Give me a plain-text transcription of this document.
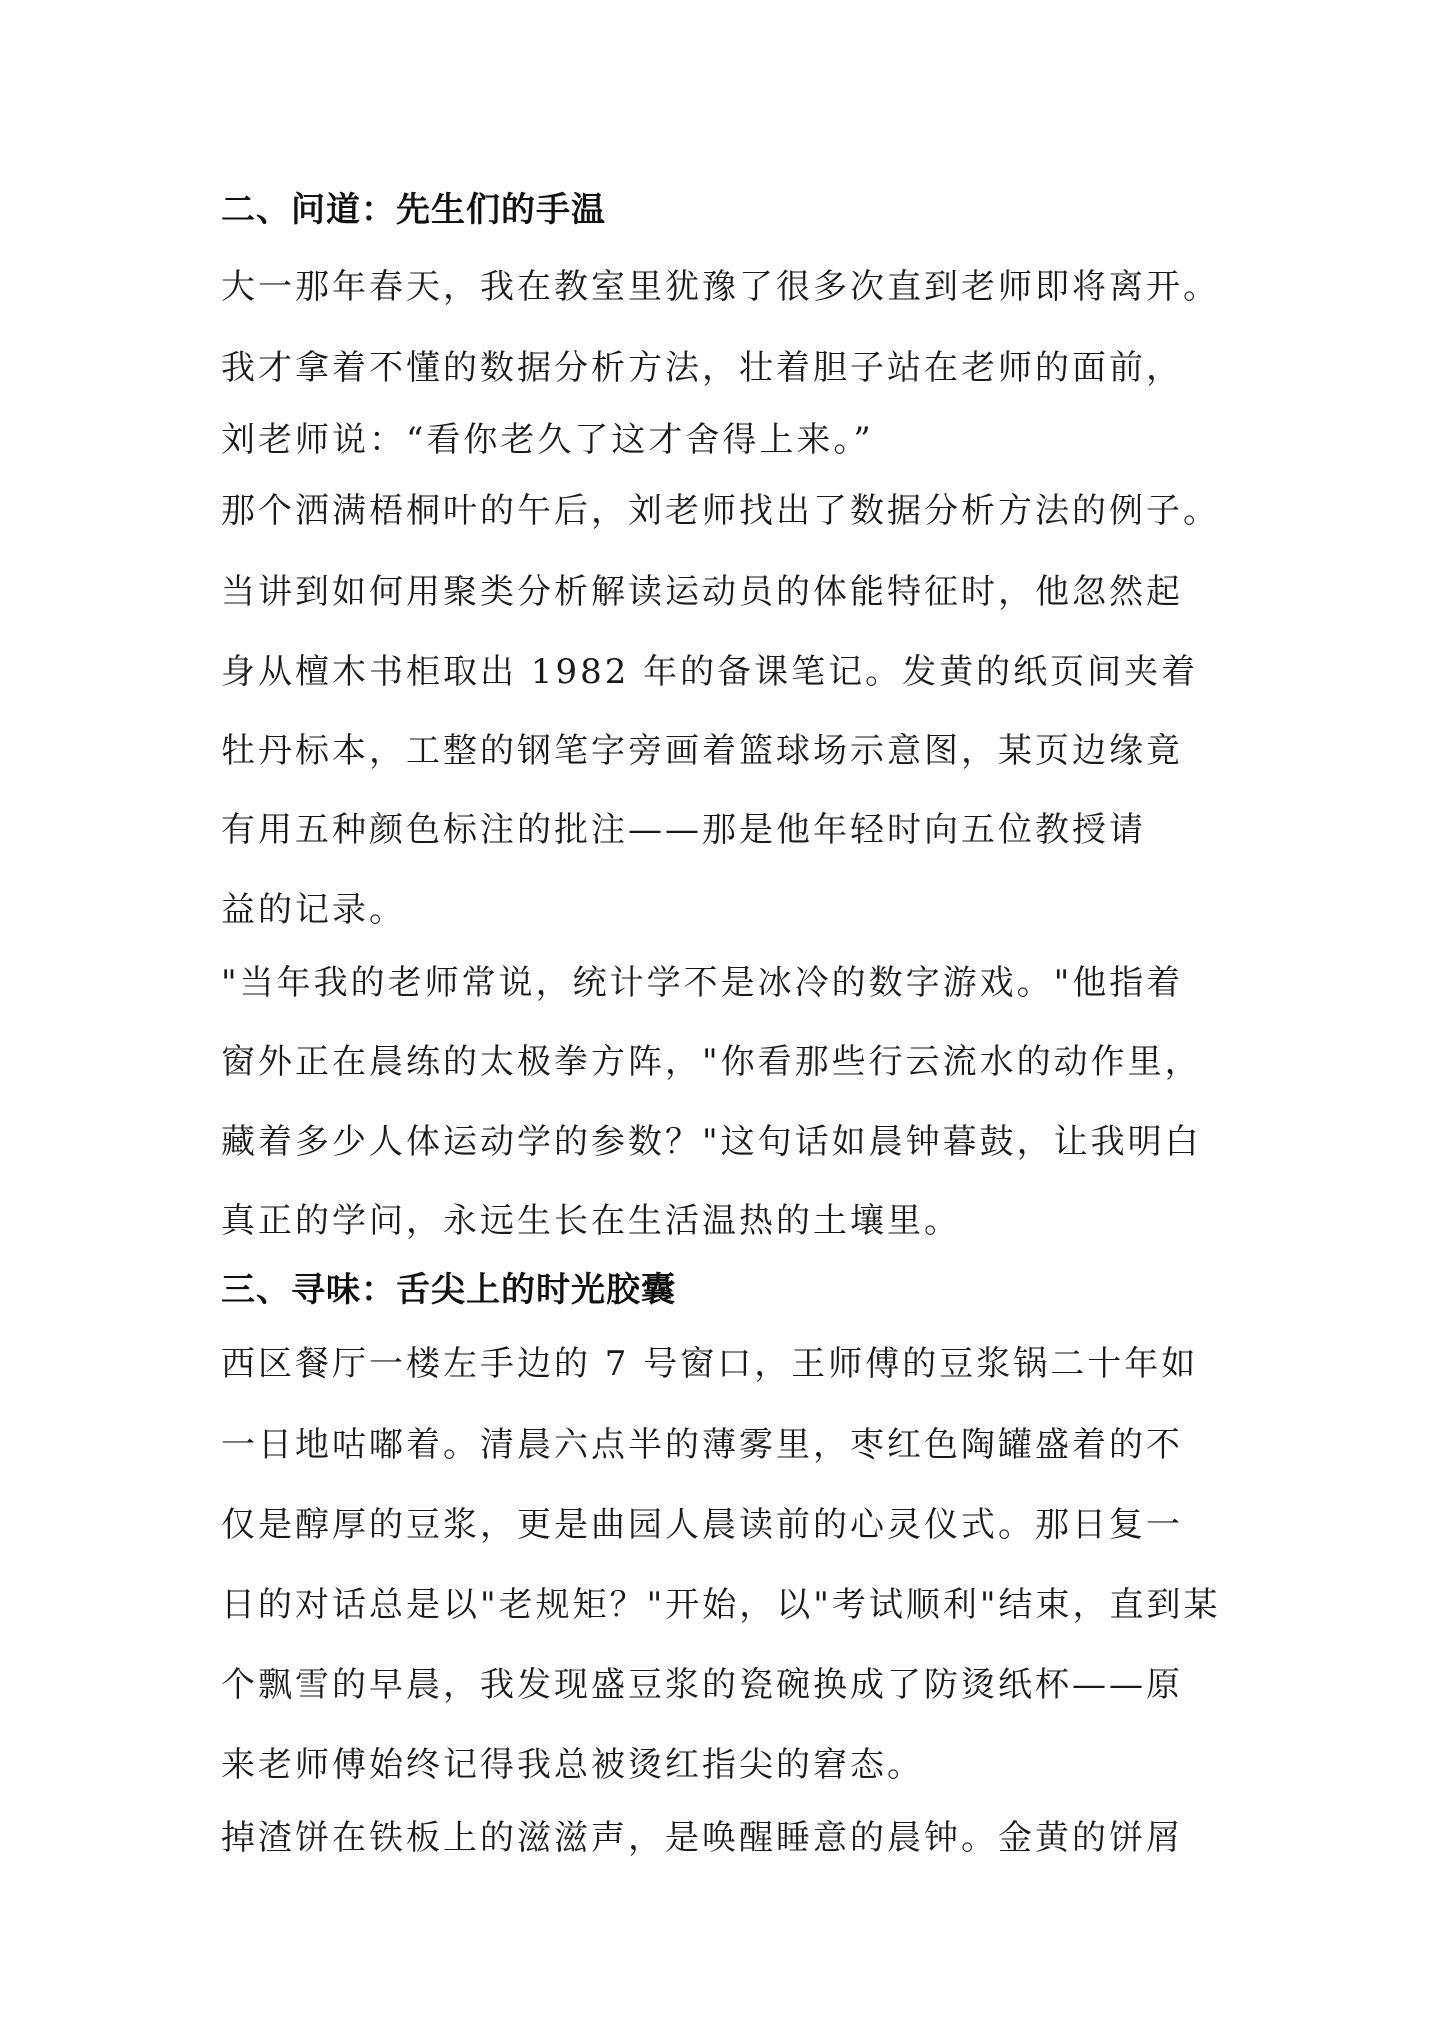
二、问道：先生们的手温
大一那年春天，我在教室里犹豫了很多次直到老师即将离开。
我才拿着不懂的数据分析方法，壮着胆子站在老师的面前，
刘老师说：“看你老久了这才舍得上来。”
那个洒满梧桐叶的午后，刘老师找出了数据分析方法的例子。
当讲到如何用聚类分析解读运动员的体能特征时，他忽然起
身从檀木书柜取出 1982 年的备课笔记。发黄的纸页间夹着
牡丹标本，工整的钢笔字旁画着篮球场示意图，某页边缘竟
有用五种颜色标注的批注——那是他年轻时向五位教授请
益的记录。
"当年我的老师常说，统计学不是冰冷的数字游戏。"他指着
窗外正在晨练的太极拳方阵，"你看那些行云流水的动作里，
藏着多少人体运动学的参数？"这句话如晨钟暮鼓，让我明白
真正的学问，永远生长在生活温热的土壤里。
三、寻味：舌尖上的时光胶囊
西区餐厅一楼左手边的 7 号窗口，王师傅的豆浆锅二十年如
一日地咕嘟着。清晨六点半的薄雾里，枣红色陶罐盛着的不
仅是醇厚的豆浆，更是曲园人晨读前的心灵仪式。那日复一
日的对话总是以"老规矩？"开始，以"考试顺利"结束，直到某
个飘雪的早晨，我发现盛豆浆的瓷碗换成了防烫纸杯——原
来老师傅始终记得我总被烫红指尖的窘态。
掉渣饼在铁板上的滋滋声，是唤醒睡意的晨钟。金黄的饼屑
